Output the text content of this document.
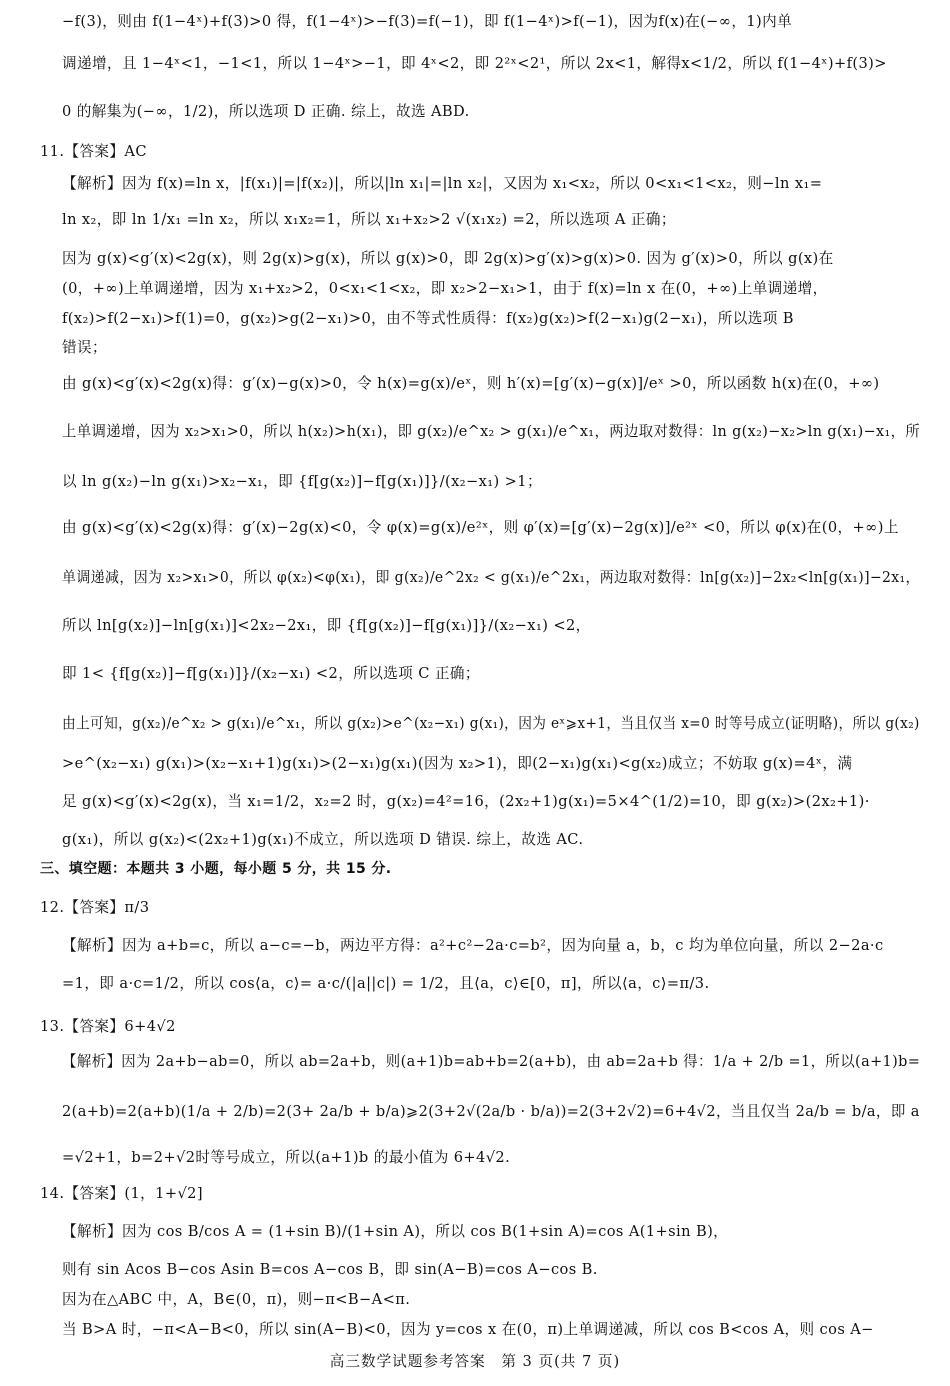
−f(3)，则由 f(1−4ˣ)+f(3)>0 得，f(1−4ˣ)>−f(3)=f(−1)，即 f(1−4ˣ)>f(−1)，因为f(x)在(−∞，1)内单
调递增，且 1−4ˣ<1，−1<1，所以 1−4ˣ>−1，即 4ˣ<2，即 2²ˣ<2¹，所以 2x<1，解得x<1/2，所以 f(1−4ˣ)+f(3)>
0 的解集为(−∞，1/2)，所以选项 D 正确. 综上，故选 ABD.
11.【答案】AC
【解析】因为 f(x)=ln x，|f(x₁)|=|f(x₂)|，所以|ln x₁|=|ln x₂|，又因为 x₁<x₂，所以 0<x₁<1<x₂，则−ln x₁=
ln x₂，即 ln 1/x₁ =ln x₂，所以 x₁x₂=1，所以 x₁+x₂>2 √(x₁x₂) =2，所以选项 A 正确；
因为 g(x)<g′(x)<2g(x)，则 2g(x)>g(x)，所以 g(x)>0，即 2g(x)>g′(x)>g(x)>0. 因为 g′(x)>0，所以 g(x)在
(0，+∞)上单调递增，因为 x₁+x₂>2，0<x₁<1<x₂，即 x₂>2−x₁>1，由于 f(x)=ln x 在(0，+∞)上单调递增，
f(x₂)>f(2−x₁)>f(1)=0，g(x₂)>g(2−x₁)>0，由不等式性质得：f(x₂)g(x₂)>f(2−x₁)g(2−x₁)，所以选项 B
错误；
由 g(x)<g′(x)<2g(x)得：g′(x)−g(x)>0，令 h(x)=g(x)/eˣ，则 h′(x)=[g′(x)−g(x)]/eˣ >0，所以函数 h(x)在(0，+∞)
上单调递增，因为 x₂>x₁>0，所以 h(x₂)>h(x₁)，即 g(x₂)/e^x₂ > g(x₁)/e^x₁，两边取对数得：ln g(x₂)−x₂>ln g(x₁)−x₁，所
以 ln g(x₂)−ln g(x₁)>x₂−x₁，即 {f[g(x₂)]−f[g(x₁)]}/(x₂−x₁) >1；
由 g(x)<g′(x)<2g(x)得：g′(x)−2g(x)<0，令 φ(x)=g(x)/e²ˣ，则 φ′(x)=[g′(x)−2g(x)]/e²ˣ <0，所以 φ(x)在(0，+∞)上
单调递减，因为 x₂>x₁>0，所以 φ(x₂)<φ(x₁)，即 g(x₂)/e^2x₂ < g(x₁)/e^2x₁，两边取对数得：ln[g(x₂)]−2x₂<ln[g(x₁)]−2x₁，
所以 ln[g(x₂)]−ln[g(x₁)]<2x₂−2x₁，即 {f[g(x₂)]−f[g(x₁)]}/(x₂−x₁) <2，
即 1< {f[g(x₂)]−f[g(x₁)]}/(x₂−x₁) <2，所以选项 C 正确；
由上可知，g(x₂)/e^x₂ > g(x₁)/e^x₁，所以 g(x₂)>e^(x₂−x₁) g(x₁)，因为 eˣ⩾x+1，当且仅当 x=0 时等号成立(证明略)，所以 g(x₂)
>e^(x₂−x₁) g(x₁)>(x₂−x₁+1)g(x₁)>(2−x₁)g(x₁)(因为 x₂>1)，即(2−x₁)g(x₁)<g(x₂)成立；不妨取 g(x)=4ˣ，满
足 g(x)<g′(x)<2g(x)，当 x₁=1/2，x₂=2 时，g(x₂)=4²=16，(2x₂+1)g(x₁)=5×4^(1/2)=10，即 g(x₂)>(2x₂+1)·
g(x₁)，所以 g(x₂)<(2x₂+1)g(x₁)不成立，所以选项 D 错误. 综上，故选 AC.
三、填空题：本题共 3 小题，每小题 5 分，共 15 分.
12.【答案】π/3
【解析】因为 a+b=c，所以 a−c=−b，两边平方得：a²+c²−2a·c=b²，因为向量 a，b，c 均为单位向量，所以 2−2a·c
=1，即 a·c=1/2，所以 cos⟨a，c⟩= a·c/(|a||c|) = 1/2，且⟨a，c⟩∈[0，π]，所以⟨a，c⟩=π/3.
13.【答案】6+4√2
【解析】因为 2a+b−ab=0，所以 ab=2a+b，则(a+1)b=ab+b=2(a+b)，由 ab=2a+b 得：1/a + 2/b =1，所以(a+1)b=
2(a+b)=2(a+b)(1/a + 2/b)=2(3+ 2a/b + b/a)⩾2(3+2√(2a/b · b/a))=2(3+2√2)=6+4√2，当且仅当 2a/b = b/a，即 a
=√2+1，b=2+√2时等号成立，所以(a+1)b 的最小值为 6+4√2.
14.【答案】(1，1+√2]
【解析】因为 cos B/cos A = (1+sin B)/(1+sin A)，所以 cos B(1+sin A)=cos A(1+sin B)，
则有 sin Acos B−cos Asin B=cos A−cos B，即 sin(A−B)=cos A−cos B.
因为在△ABC 中，A，B∈(0，π)，则−π<B−A<π.
当 B>A 时，−π<A−B<0，所以 sin(A−B)<0，因为 y=cos x 在(0，π)上单调递减，所以 cos B<cos A，则 cos A−
高三数学试题参考答案　第 3 页(共 7 页)
